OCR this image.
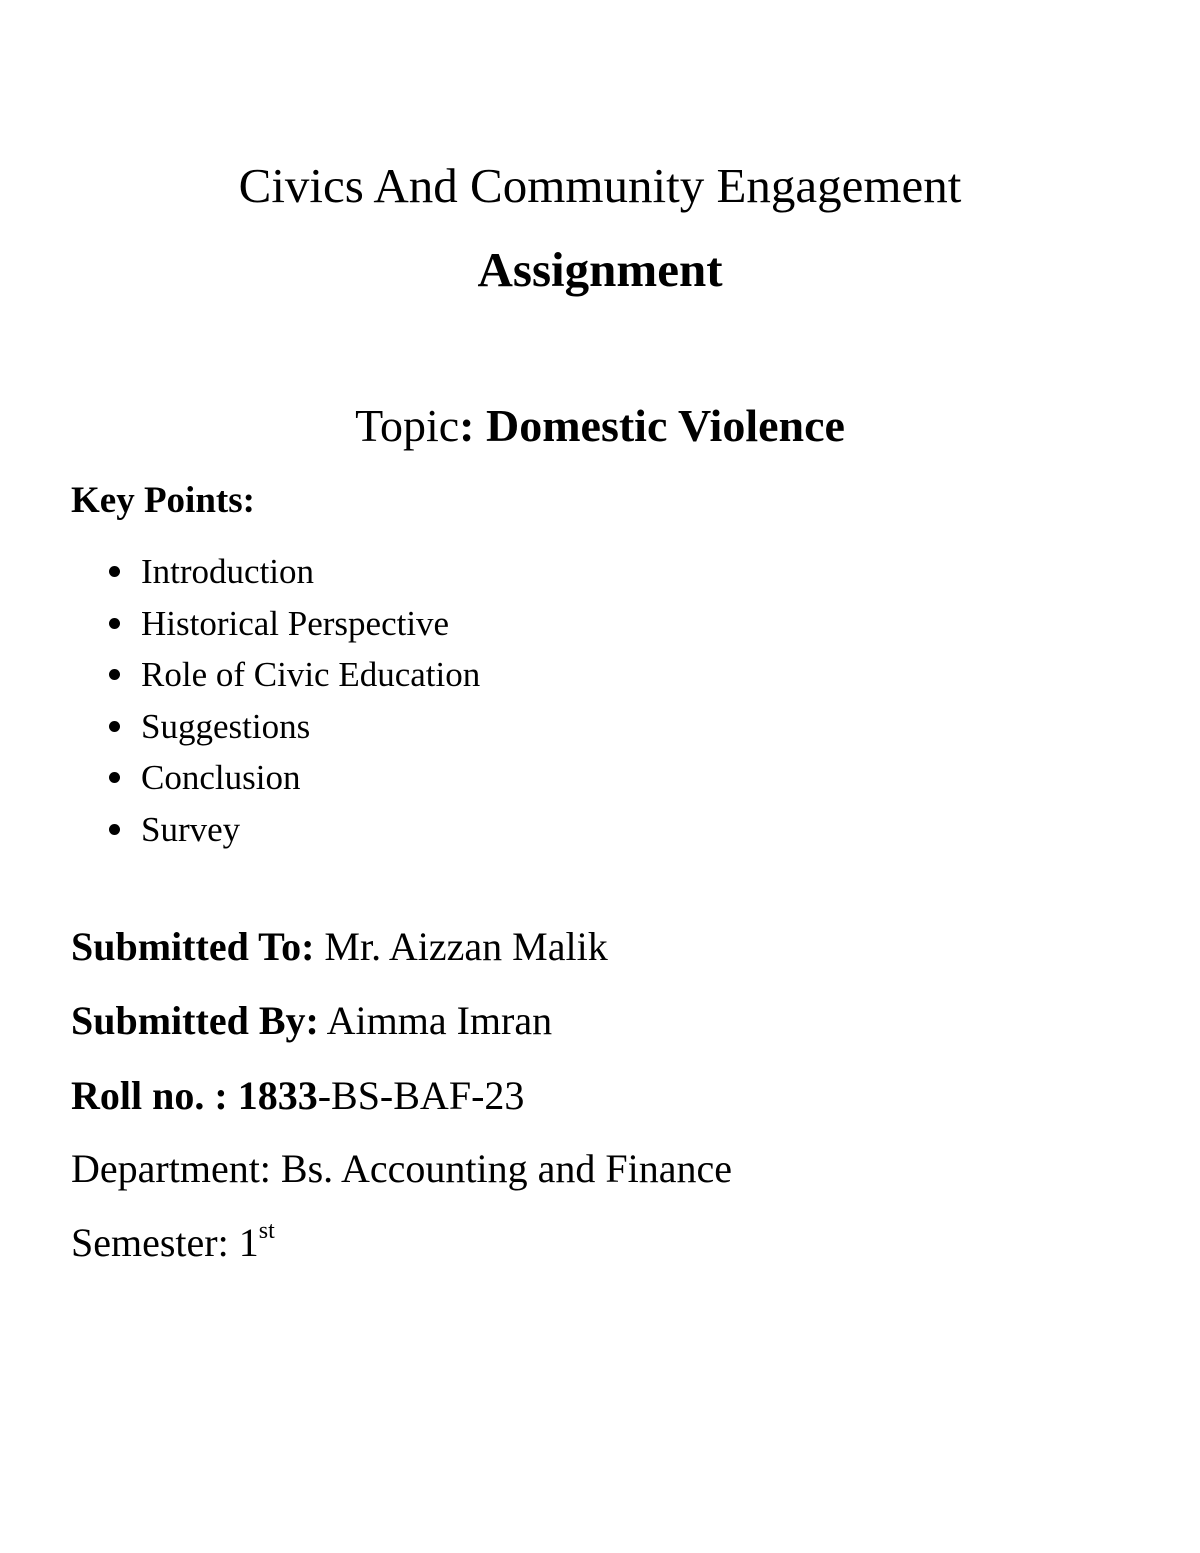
Civics And Community Engagement
Assignment

Topic: Domestic Violence

Key Points:
Introduction
Historical Perspective
Role of Civic Education
Suggestions
Conclusion
Survey

Submitted To: Mr. Aizzan Malik

Submitted By: Aimma Imran

Roll no. : 1833-BS-BAF-23

Department: Bs. Accounting and Finance

Semester: 1st
